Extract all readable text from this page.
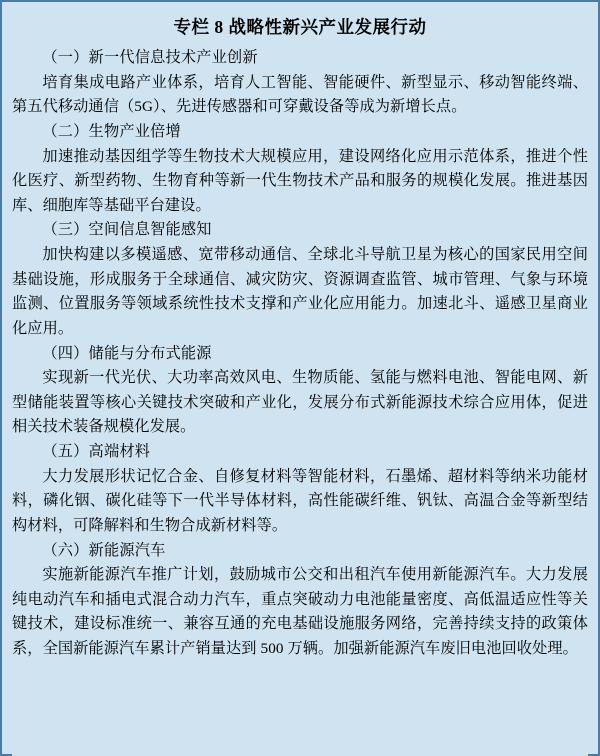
专栏 8 战略性新兴产业发展行动

（一）新一代信息技术产业创新

培育集成电路产业体系，培育人工智能、智能硬件、新型显示、移动智能终端、第五代移动通信（5G）、先进传感器和可穿戴设备等成为新增长点。

（二）生物产业倍增

加速推动基因组学等生物技术大规模应用，建设网络化应用示范体系，推进个性化医疗、新型药物、生物育种等新一代生物技术产品和服务的规模化发展。推进基因库、细胞库等基础平台建设。

（三）空间信息智能感知

加快构建以多模遥感、宽带移动通信、全球北斗导航卫星为核心的国家民用空间基础设施，形成服务于全球通信、减灾防灾、资源调查监管、城市管理、气象与环境监测、位置服务等领域系统性技术支撑和产业化应用能力。加速北斗、遥感卫星商业化应用。

（四）储能与分布式能源

实现新一代光伏、大功率高效风电、生物质能、氢能与燃料电池、智能电网、新型储能装置等核心关键技术突破和产业化，发展分布式新能源技术综合应用体，促进相关技术装备规模化发展。

（五）高端材料

大力发展形状记忆合金、自修复材料等智能材料，石墨烯、超材料等纳米功能材料，磷化铟、碳化硅等下一代半导体材料，高性能碳纤维、钒钛、高温合金等新型结构材料，可降解料和生物合成新材料等。

（六）新能源汽车

实施新能源汽车推广计划，鼓励城市公交和出租汽车使用新能源汽车。大力发展纯电动汽车和插电式混合动力汽车，重点突破动力电池能量密度、高低温适应性等关键技术，建设标准统一、兼容互通的充电基础设施服务网络，完善持续支持的政策体系，全国新能源汽车累计产销量达到 500 万辆。加强新能源汽车废旧电池回收处理。
